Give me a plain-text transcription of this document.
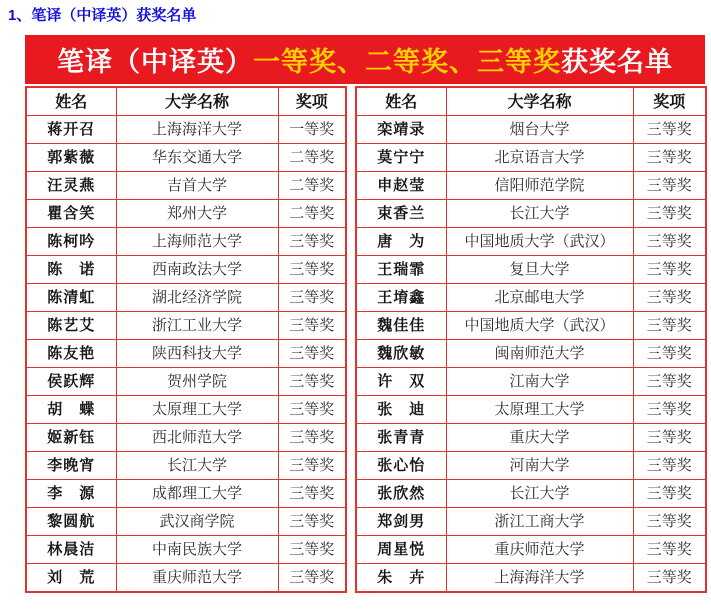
1、笔译（中译英）获奖名单
笔译（中译英） 一等奖、二等奖、三等奖 获奖名单
姓名	大学名称	奖项
蒋开召	上海海洋大学	一等奖
郭紫薇	华东交通大学	二等奖
汪灵燕	吉首大学	二等奖
瞿含笑	郑州大学	二等奖
陈柯吟	上海师范大学	三等奖
陈　诺	西南政法大学	三等奖
陈清虹	湖北经济学院	三等奖
陈艺艾	浙江工业大学	三等奖
陈友艳	陕西科技大学	三等奖
侯跃辉	贺州学院	三等奖
胡　蝶	太原理工大学	三等奖
姬新钰	西北师范大学	三等奖
李晚宵	长江大学	三等奖
李　源	成都理工大学	三等奖
黎圆航	武汉商学院	三等奖
林晨洁	中南民族大学	三等奖
刘　荒	重庆师范大学	三等奖
姓名	大学名称	奖项
栾靖录	烟台大学	三等奖
莫宁宁	北京语言大学	三等奖
申赵莹	信阳师范学院	三等奖
束香兰	长江大学	三等奖
唐　为	中国地质大学（武汉）	三等奖
王瑞霏	复旦大学	三等奖
王堉鑫	北京邮电大学	三等奖
魏佳佳	中国地质大学（武汉）	三等奖
魏欣敏	闽南师范大学	三等奖
许　双	江南大学	三等奖
张　迪	太原理工大学	三等奖
张青青	重庆大学	三等奖
张心怡	河南大学	三等奖
张欣然	长江大学	三等奖
郑剑男	浙江工商大学	三等奖
周星悦	重庆师范大学	三等奖
朱　卉	上海海洋大学	三等奖
